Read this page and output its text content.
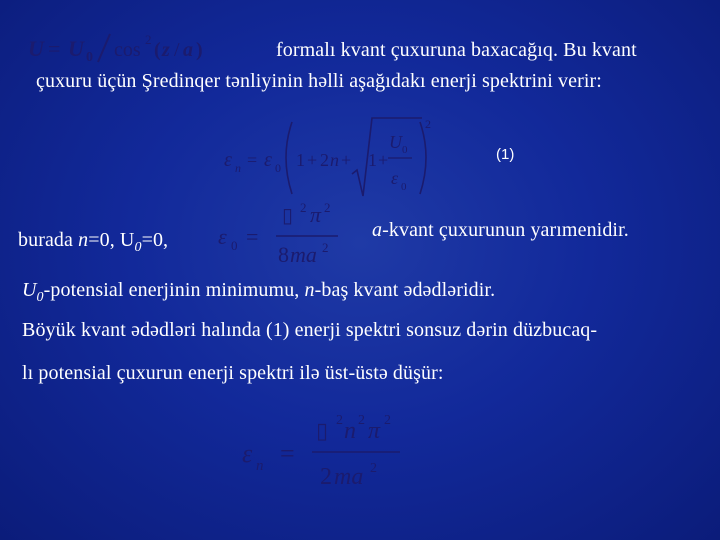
U = U 0 cos 2 ( z / a )	formalı kvant çuxuruna baxacağıq. Bu kvant
çuxuru üçün Şredinqer tənliyinin həlli aşağıdakı enerji spektrini verir:
ε n = ε 0 1 + 2 n + 1 +
U 0
ε 0
2
(1)
burada n=0, $U_0=0$, ε 0 =
▯ 2 π 2
8 ma 2
a-kvant çuxurunun yarımenidir.
$U_0$-potensial enerjinin minimumu, n-baş kvant ədədləridir.
Böyük kvant ədədləri halında (1) enerji spektri sonsuz dərin düzbucaq-
lı potensial çuxurun enerji spektri ilə üst-üstə düşür:
ε n =
▯ 2 n 2 π 2
2 ma 2
